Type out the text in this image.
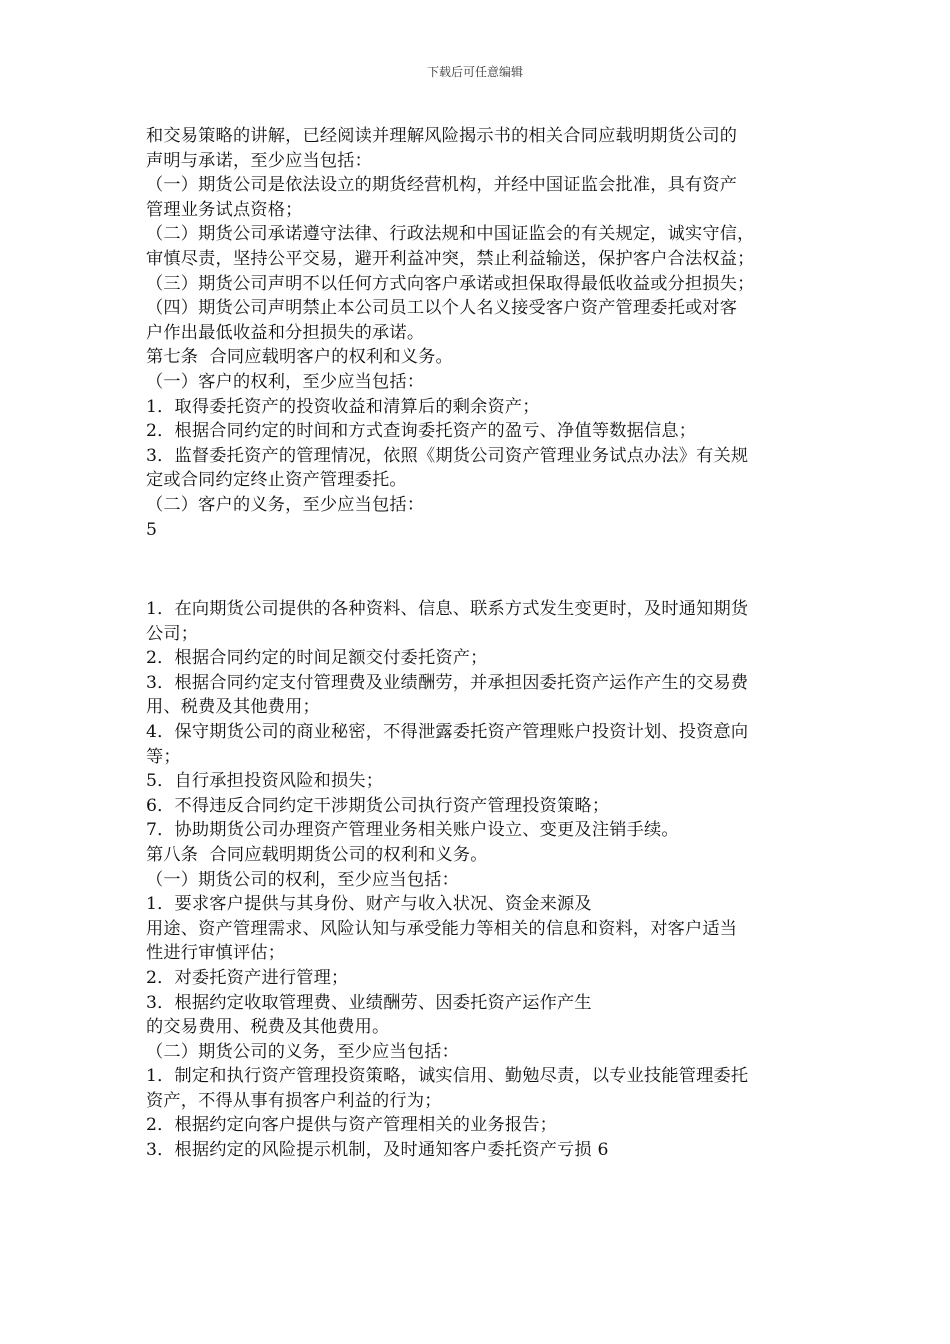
下载后可任意编辑

和交易策略的讲解，已经阅读并理解风险揭示书的相关合同应载明期货公司的

声明与承诺，至少应当包括：

（一）期货公司是依法设立的期货经营机构，并经中国证监会批准，具有资产

管理业务试点资格；

（二）期货公司承诺遵守法律、行政法规和中国证监会的有关规定，诚实守信，

审慎尽责，坚持公平交易，避开利益冲突，禁止利益输送，保护客户合法权益；

（三）期货公司声明不以任何方式向客户承诺或担保取得最低收益或分担损失；

（四）期货公司声明禁止本公司员工以个人名义接受客户资产管理委托或对客

户作出最低收益和分担损失的承诺。

第七条  合同应载明客户的权利和义务。

（一）客户的权利，至少应当包括：

1．取得委托资产的投资收益和清算后的剩余资产；

2．根据合同约定的时间和方式查询委托资产的盈亏、净值等数据信息；

3．监督委托资产的管理情况，依照《期货公司资产管理业务试点办法》有关规

定或合同约定终止资产管理委托。

（二）客户的义务，至少应当包括：

5

1．在向期货公司提供的各种资料、信息、联系方式发生变更时，及时通知期货

公司；

2．根据合同约定的时间足额交付委托资产；

3．根据合同约定支付管理费及业绩酬劳，并承担因委托资产运作产生的交易费

用、税费及其他费用；

4．保守期货公司的商业秘密，不得泄露委托资产管理账户投资计划、投资意向

等；

5．自行承担投资风险和损失；

6．不得违反合同约定干涉期货公司执行资产管理投资策略；

7．协助期货公司办理资产管理业务相关账户设立、变更及注销手续。

第八条  合同应载明期货公司的权利和义务。

（一）期货公司的权利，至少应当包括：

1．要求客户提供与其身份、财产与收入状况、资金来源及

用途、资产管理需求、风险认知与承受能力等相关的信息和资料，对客户适当

性进行审慎评估；

2．对委托资产进行管理；

3．根据约定收取管理费、业绩酬劳、因委托资产运作产生

的交易费用、税费及其他费用。

（二）期货公司的义务，至少应当包括：

1．制定和执行资产管理投资策略，诚实信用、勤勉尽责，以专业技能管理委托

资产，不得从事有损客户利益的行为；

2．根据约定向客户提供与资产管理相关的业务报告；

3．根据约定的风险提示机制，及时通知客户委托资产亏损 6
